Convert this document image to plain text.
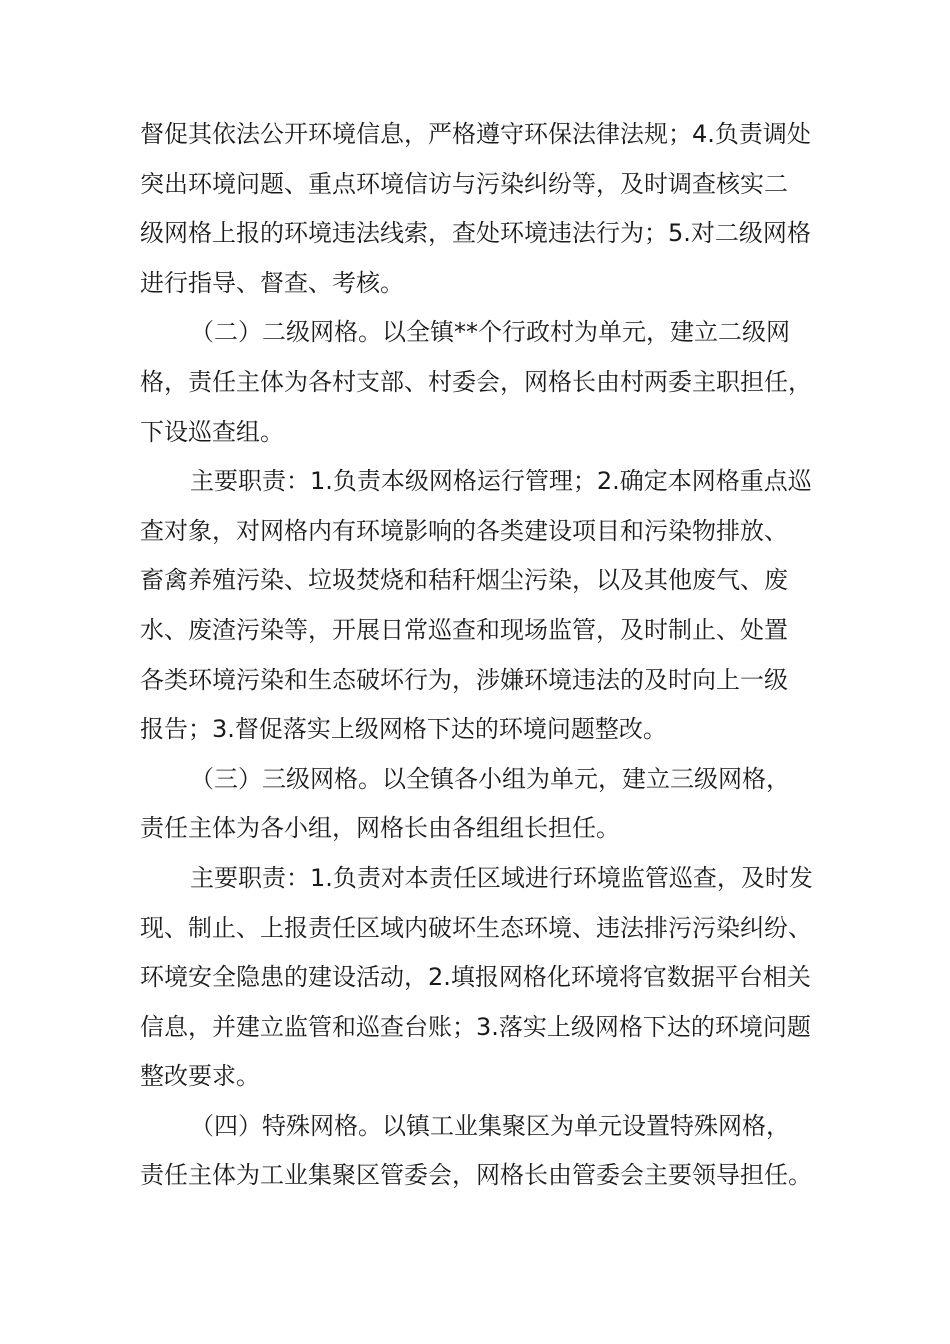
督促其依法公开环境信息，严格遵守环保法律法规；4.负责调处
突出环境问题、重点环境信访与污染纠纷等，及时调查核实二
级网格上报的环境违法线索，查处环境违法行为；5.对二级网格
进行指导、督查、考核。
（二）二级网格。以全镇**个行政村为单元，建立二级网
格，责任主体为各村支部、村委会，网格长由村两委主职担任，
下设巡查组。
主要职责：1.负责本级网格运行管理；2.确定本网格重点巡
查对象，对网格内有环境影响的各类建设项目和污染物排放、
畜禽养殖污染、垃圾焚烧和秸秆烟尘污染，以及其他废气、废
水、废渣污染等，开展日常巡查和现场监管，及时制止、处置
各类环境污染和生态破坏行为，涉嫌环境违法的及时向上一级
报告；3.督促落实上级网格下达的环境问题整改。
（三）三级网格。以全镇各小组为单元，建立三级网格，
责任主体为各小组，网格长由各组组长担任。
主要职责：1.负责对本责任区域进行环境监管巡查，及时发
现、制止、上报责任区域内破坏生态环境、违法排污污染纠纷、
环境安全隐患的建设活动，2.填报网格化环境将官数据平台相关
信息，并建立监管和巡查台账；3.落实上级网格下达的环境问题
整改要求。
（四）特殊网格。以镇工业集聚区为单元设置特殊网格，
责任主体为工业集聚区管委会，网格长由管委会主要领导担任。
